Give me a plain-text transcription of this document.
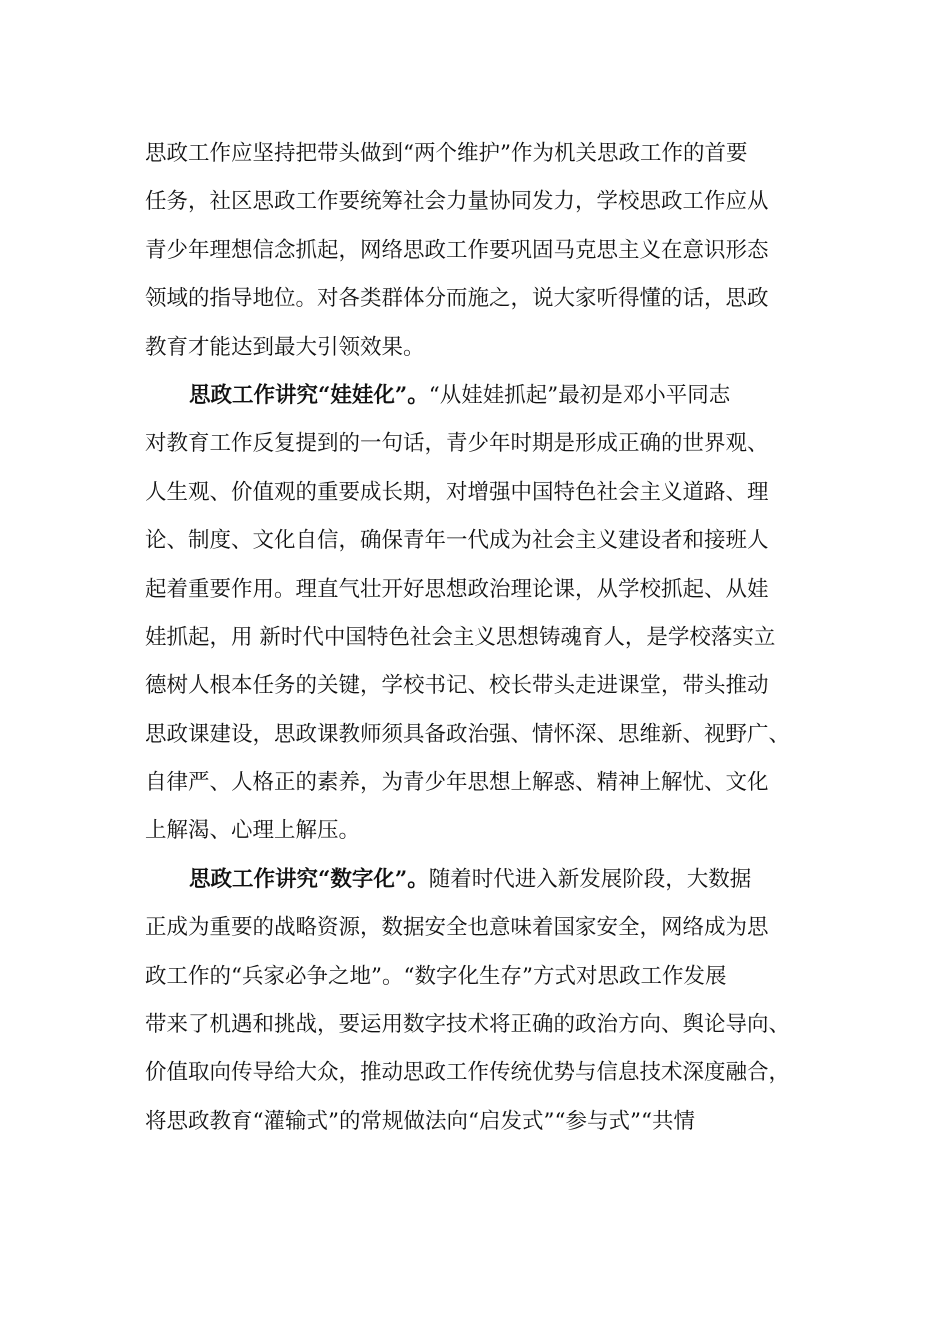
思政工作应坚持把带头做到“两个维护”作为机关思政工作的首要
任务，社区思政工作要统筹社会力量协同发力，学校思政工作应从
青少年理想信念抓起，网络思政工作要巩固马克思主义在意识形态
领域的指导地位。对各类群体分而施之，说大家听得懂的话，思政
教育才能达到最大引领效果。
思政工作讲究“娃娃化”。“从娃娃抓起”最初是邓小平同志
对教育工作反复提到的一句话，青少年时期是形成正确的世界观、
人生观、价值观的重要成长期，对增强中国特色社会主义道路、理
论、制度、文化自信，确保青年一代成为社会主义建设者和接班人
起着重要作用。理直气壮开好思想政治理论课，从学校抓起、从娃
娃抓起，用 新时代中国特色社会主义思想铸魂育人，是学校落实立
德树人根本任务的关键，学校书记、校长带头走进课堂，带头推动
思政课建设，思政课教师须具备政治强、情怀深、思维新、视野广、
自律严、人格正的素养，为青少年思想上解惑、精神上解忧、文化
上解渴、心理上解压。
思政工作讲究“数字化”。随着时代进入新发展阶段，大数据
正成为重要的战略资源，数据安全也意味着国家安全，网络成为思
政工作的“兵家必争之地”。“数字化生存”方式对思政工作发展
带来了机遇和挑战，要运用数字技术将正确的政治方向、舆论导向、
价值取向传导给大众，推动思政工作传统优势与信息技术深度融合，
将思政教育“灌输式”的常规做法向“启发式”“参与式”“共情
